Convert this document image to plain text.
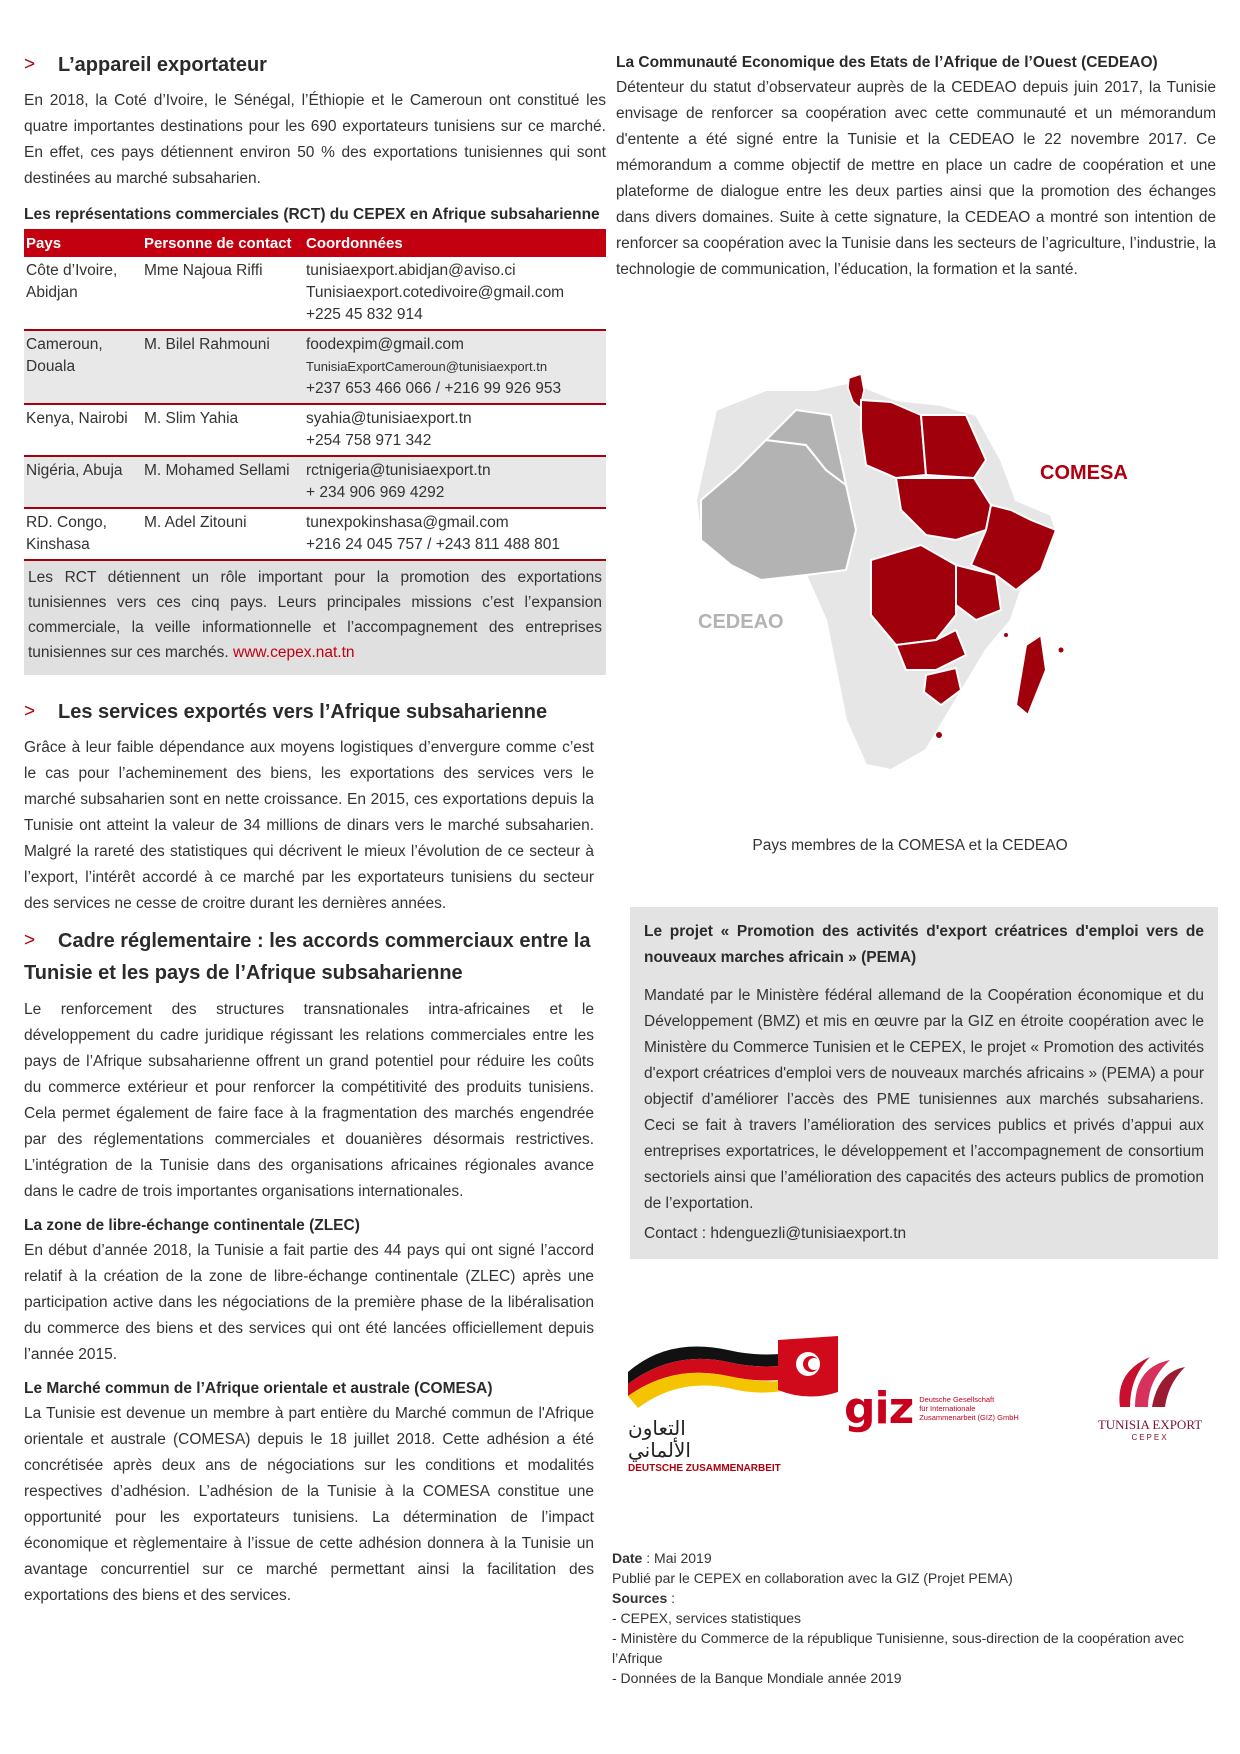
>	L’appareil exportateur

En 2018, la Coté d’Ivoire, le Sénégal, l’Éthiopie et le Cameroun ont constitué les quatre importantes destinations pour les 690 exportateurs tunisiens sur ce marché. En effet, ces pays détiennent environ 50 % des exportations tunisiennes qui sont destinées au marché subsaharien.

Les représentations commerciales (RCT) du CEPEX en Afrique subsaharienne
Pays	Personne de contact	Coordonnées
Côte d’Ivoire, Abidjan	Mme Najoua Riffi	tunisiaexport.abidjan@aviso.ci
Tunisiaexport.cotedivoire@gmail.com
+225 45 832 914

Cameroun, Douala	M. Bilel Rahmouni	foodexpim@gmail.com
TunisiaExportCameroun@tunisiaexport.tn
+237 653 466 066 / +216 99 926 953

Kenya, Nairobi	M. Slim Yahia	syahia@tunisiaexport.tn
+254 758 971 342

Nigéria, Abuja	M. Mohamed Sellami	rctnigeria@tunisiaexport.tn
+ 234 906 969 4292

RD. Congo, Kinshasa	M. Adel Zitouni	tunexpokinshasa@gmail.com
+216 24 045 757 / +243 811 488 801
Les RCT détiennent un rôle important pour la promotion des exportations tunisiennes vers ces cinq pays. Leurs principales missions c’est l’expansion commerciale, la veille informationnelle et l’accompagnement des entreprises tunisiennes sur ces marchés. www.cepex.nat.tn
>	Les services exportés vers l’Afrique subsaharienne

Grâce à leur faible dépendance aux moyens logistiques d’envergure comme c’est le cas pour l’acheminement des biens, les exportations des services vers le marché subsaharien sont en nette croissance. En 2015, ces exportations depuis la Tunisie ont atteint la valeur de 34 millions de dinars vers le marché subsaharien. Malgré la rareté des statistiques qui décrivent le mieux l’évolution de ce secteur à l’export, l’intérêt accordé à ce marché par les exportateurs tunisiens du secteur des services ne cesse de croitre durant les dernières années.

>	Cadre réglementaire : les accords commerciaux entre la Tunisie et les pays de l’Afrique subsaharienne

Le renforcement des structures transnationales intra-africaines et le développement du cadre juridique régissant les relations commerciales entre les pays de l’Afrique subsaharienne offrent un grand potentiel pour réduire les coûts du commerce extérieur et pour renforcer la compétitivité des produits tunisiens. Cela permet également de faire face à la fragmentation des marchés engendrée par des réglementations commerciales et douanières désormais restrictives. L’intégration de la Tunisie dans des organisations africaines régionales avance dans le cadre de trois importantes organisations internationales.

La zone de libre-échange continentale (ZLEC)

En début d’année 2018, la Tunisie a fait partie des 44 pays qui ont signé l’accord relatif à la création de la zone de libre-échange continentale (ZLEC) après une participation active dans les négociations de la première phase de la libéralisation du commerce des biens et des services qui ont été lancées officiellement depuis l’année 2015.

Le Marché commun de l’Afrique orientale et australe (COMESA)

La Tunisie est devenue un membre à part entière du Marché commun de l'Afrique orientale et australe (COMESA) depuis le 18 juillet 2018. Cette adhésion a été concrétisée après deux ans de négociations sur les conditions et modalités respectives d’adhésion. L’adhésion de la Tunisie à la COMESA constitue une opportunité pour les exportateurs tunisiens. La détermination de l’impact économique et règlementaire à l’issue de cette adhésion donnera à la Tunisie un avantage concurrentiel sur ce marché permettant ainsi la facilitation des exportations des biens et des services.

La Communauté Economique des Etats de l’Afrique de l’Ouest (CEDEAO)

Détenteur du statut d’observateur auprès de la CEDEAO depuis juin 2017, la Tunisie envisage de renforcer sa coopération avec cette communauté et un mémorandum d'entente a été signé entre la Tunisie et la CEDEAO le 22 novembre 2017. Ce mémorandum a comme objectif de mettre en place un cadre de coopération et une plateforme de dialogue entre les deux parties ainsi que la promotion des échanges dans divers domaines. Suite à cette signature, la CEDEAO a montré son intention de renforcer sa coopération avec la Tunisie dans les secteurs de l’agriculture, l’industrie, la technologie de communication, l’éducation, la formation et la santé.

COMESA
CEDEAO
Pays membres de la COMESA et la CEDEAO
Le projet « Promotion des activités d'export créatrices d'emploi vers de nouveaux marches africain » (PEMA)

Mandaté par le Ministère fédéral allemand de la Coopération économique et du Développement (BMZ) et mis en œuvre par la GIZ en étroite coopération avec le Ministère du Commerce Tunisien et le CEPEX, le projet « Promotion des activités d'export créatrices d'emploi vers de nouveaux marchés africains » (PEMA) a pour objectif d’améliorer l’accès des PME tunisiennes aux marchés subsahariens. Ceci se fait à travers l’amélioration des services publics et privés d’appui aux entreprises exportatrices, le développement et l’accompagnement de consortium sectoriels ainsi que l’amélioration des capacités des acteurs publics de promotion de l’exportation.

Contact : hdenguezli@tunisiaexport.tn

التعاون الألماني
DEUTSCHE ZUSAMMENARBEIT
giz Deutsche Gesellschaft
für Internationale
Zusammenarbeit (GIZ) GmbH	TUNISIA EXPORT
CEPEX
Date : Mai 2019
Publié par le CEPEX en collaboration avec la GIZ (Projet PEMA)
Sources :
- CEPEX, services statistiques
- Ministère du Commerce de la république Tunisienne, sous-direction de la coopération avec l’Afrique
- Données de la Banque Mondiale année 2019
